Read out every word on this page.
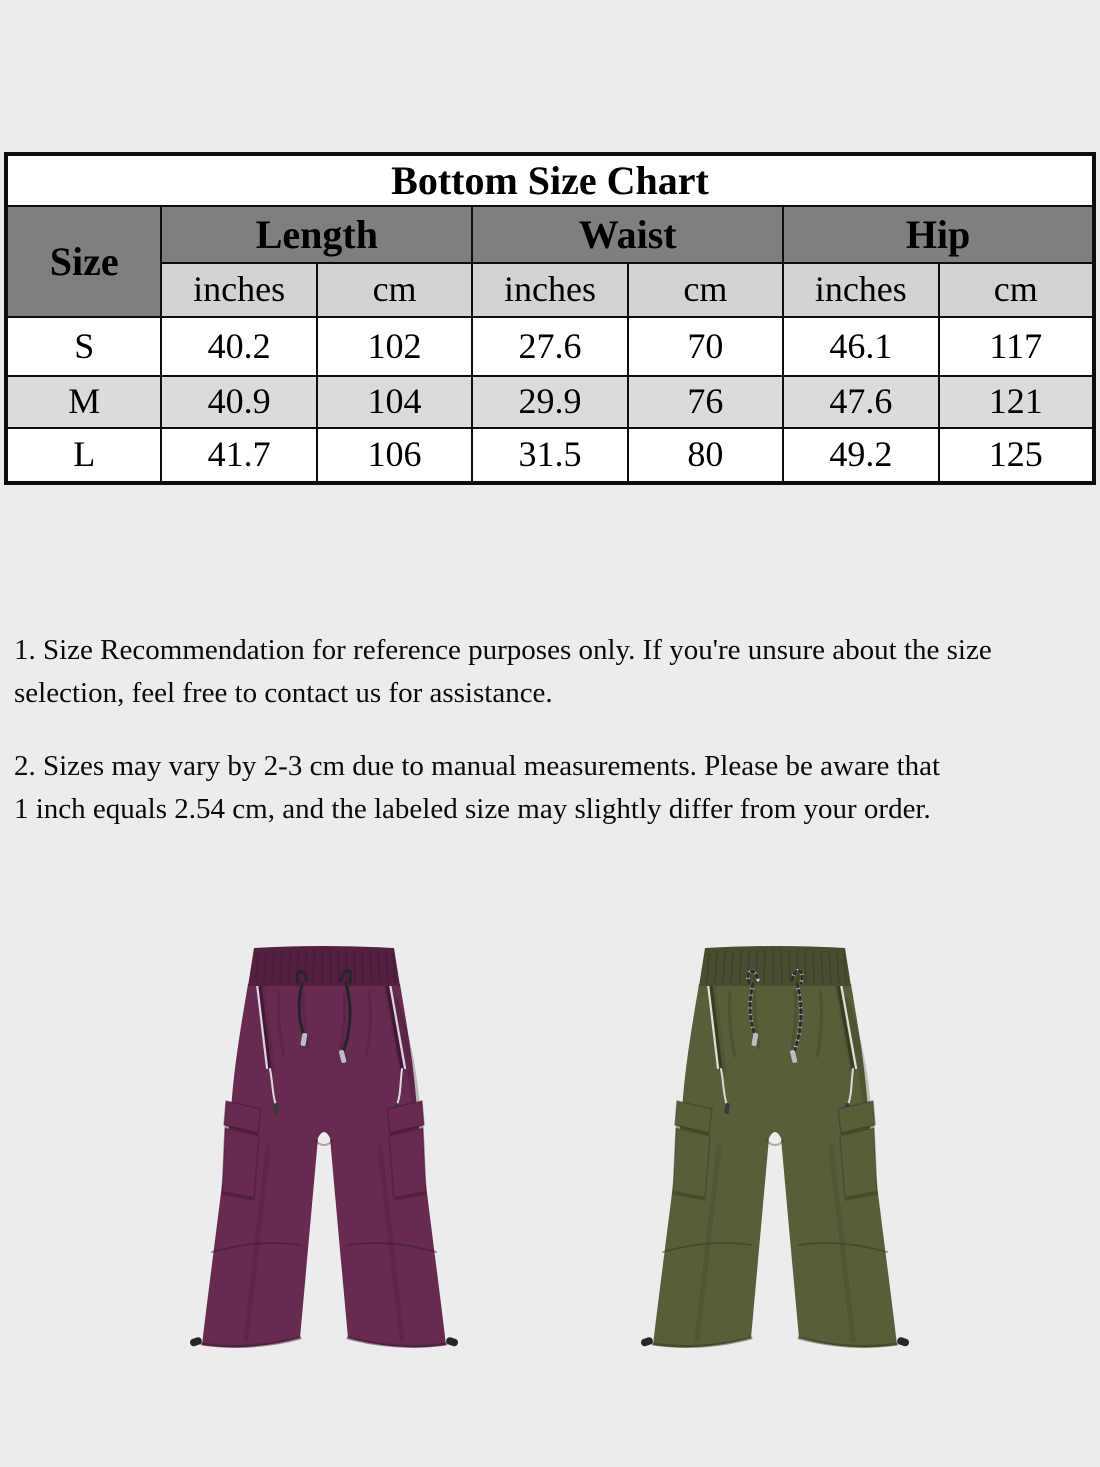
Bottom Size Chart						
Size	Length		Waist		Hip	
	inches	cm	inches	cm	inches	cm
S	40.2	102	27.6	70	46.1	117
M	40.9	104	29.9	76	47.6	121
L	41.7	106	31.5	80	49.2	125

1. Size Recommendation for reference purposes only. If you're unsure about the size
selection, feel free to contact us for assistance.

2. Sizes may vary by 2-3 cm due to manual measurements. Please be aware that
1 inch equals 2.54 cm, and the labeled size may slightly differ from your order.
